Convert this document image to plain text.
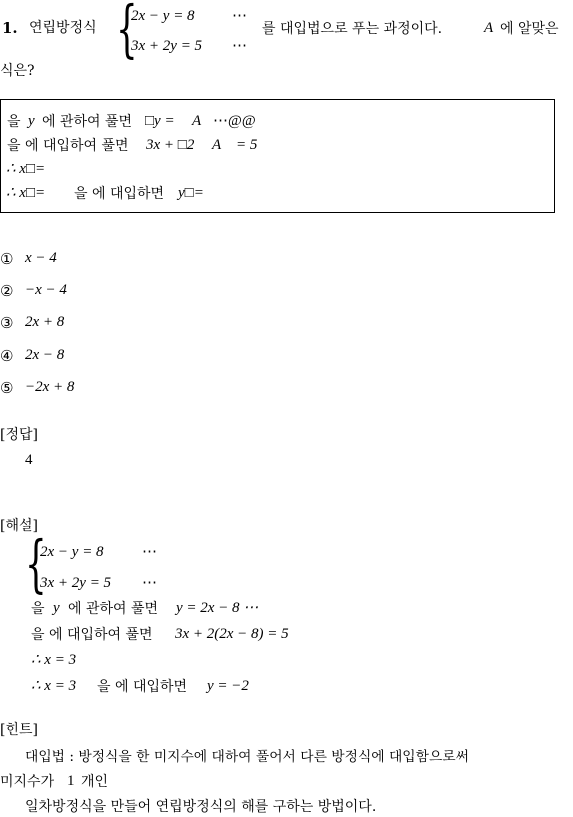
1. 연립방정식 {
2x − y = 8 ⋯
3x + 2y = 5 ⋯
를 대입법으로 푸는 과정이다.	A 에 알맞은
식은?
을 y 에 관하여 풀면 □y = A ⋯@@
을 에 대입하여 풀면 3x + □2 A = 5
∴ x□=
∴ x□= 을 에 대입하면 y□=
① x − 4
② −x − 4
③ 2x + 8
④ 2x − 8
⑤ −2x + 8
[정답]
4
[해설]
{
2x − y = 8	⋯
3x + 2y = 5 ⋯
을 y 에 관하여 풀면 y = 2x − 8 ⋯
을 에 대입하여 풀면 3x + 2(2x − 8) = 5
∴ x = 3
∴ x = 3 을 에 대입하면 y = −2
[힌트]
대입법 : 방정식을 한 미지수에 대하여 풀어서 다른 방정식에 대입함으로써
미지수가 1 개인
일차방정식을 만들어 연립방정식의 해를 구하는 방법이다.
